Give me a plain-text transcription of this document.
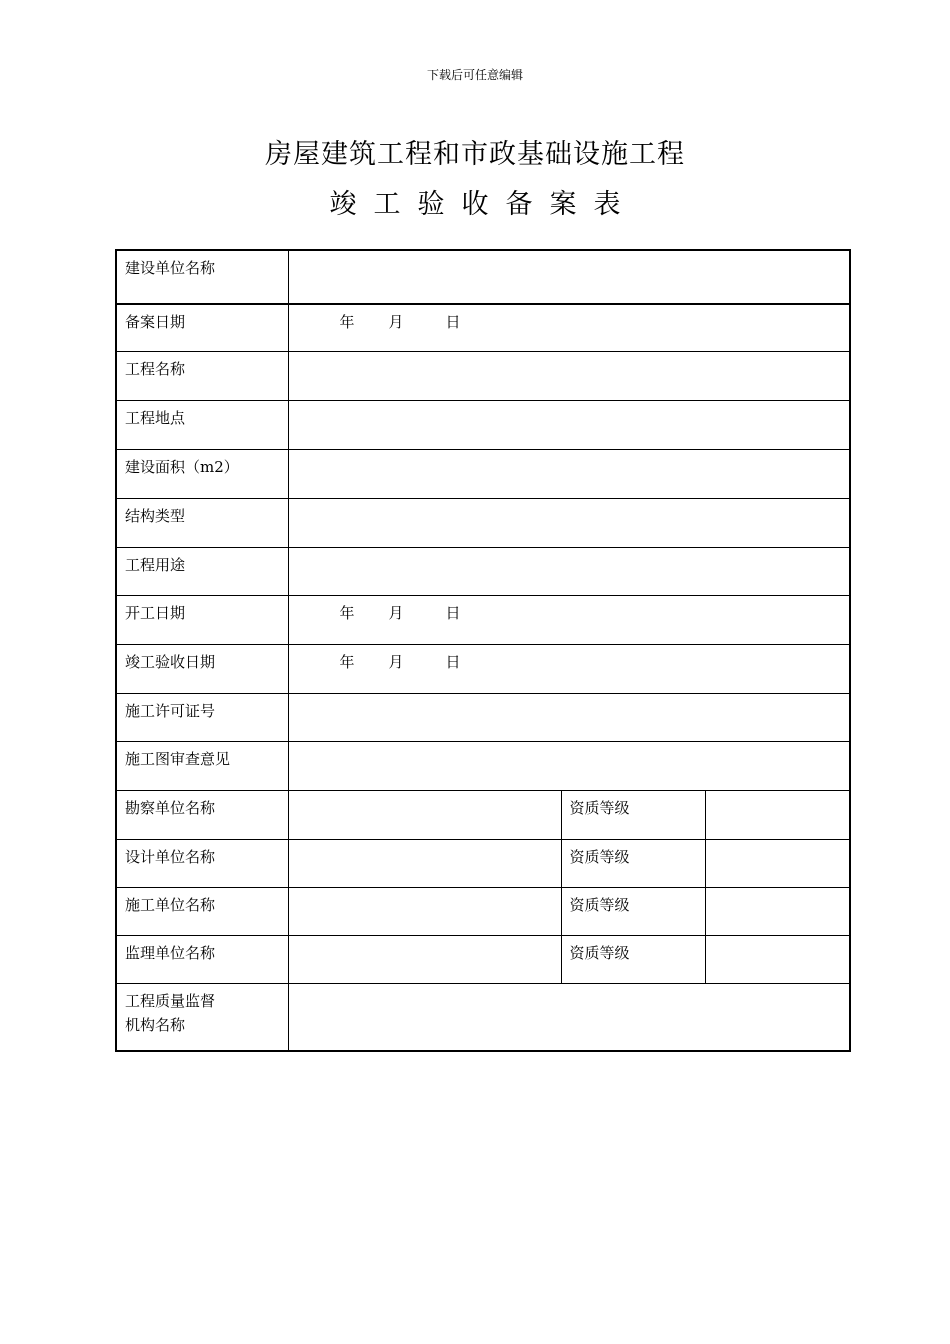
下载后可任意编辑
房屋建筑工程和市政基础设施工程
竣工验收备案表
建设单位名称			
备案日期	年 月 日		
工程名称			
工程地点			
建设面积（m2）			
结构类型			
工程用途			
开工日期	年 月 日		
竣工验收日期	年 月 日		
施工许可证号			
施工图审查意见			
勘察单位名称		资质等级	
设计单位名称		资质等级	
施工单位名称		资质等级	
监理单位名称		资质等级	

工程质量监督
机构名称			
